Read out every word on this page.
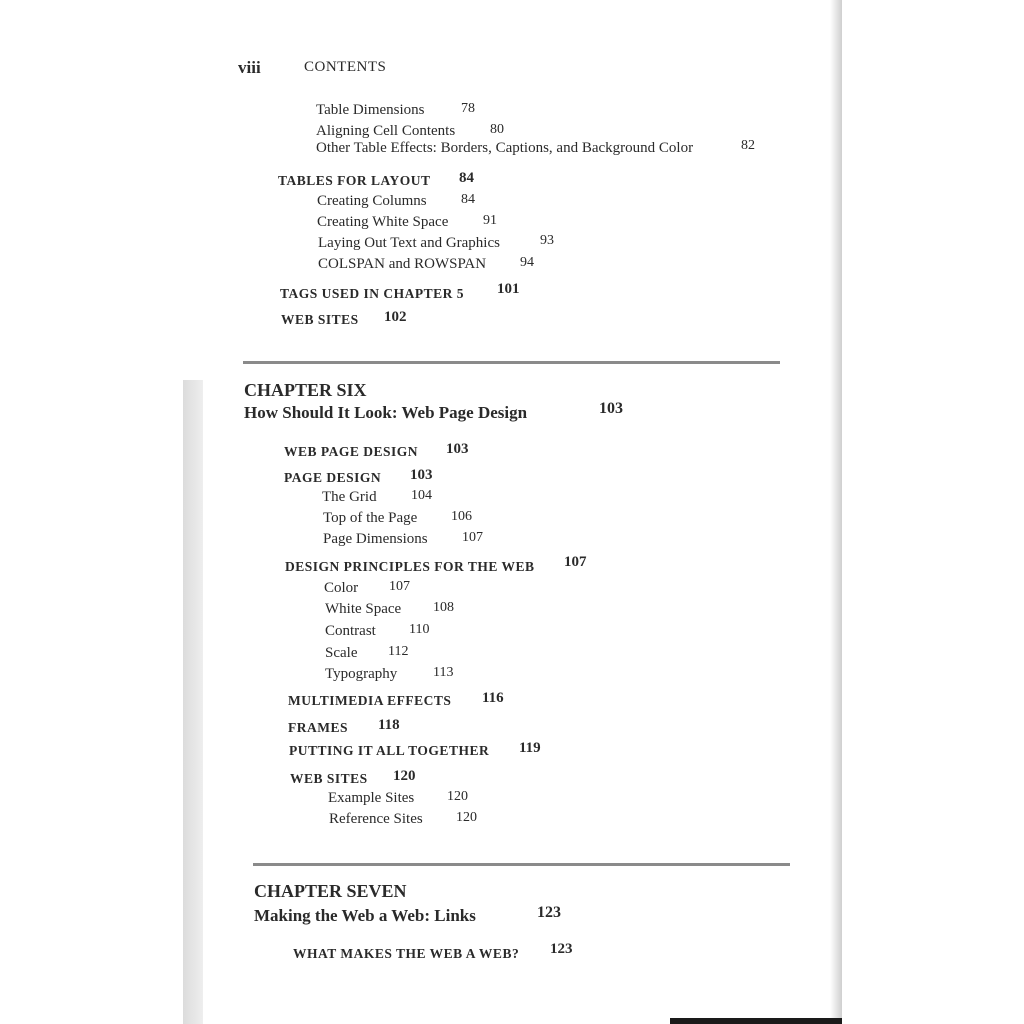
viii	CONTENTS
Table Dimensions	78
Aligning Cell Contents 80
Other Table Effects: Borders, Captions, and Background Color	82
TABLES FOR LAYOUT 84
Creating Columns 84
Creating White Space 91
Laying Out Text and Graphics	93
COLSPAN and ROWSPAN 94
TAGS USED IN CHAPTER 5 101
WEB SITES 102
CHAPTER SIX
How Should It Look: Web Page Design	103
WEB PAGE DESIGN 103
PAGE DESIGN 103
The Grid 104
Top of the Page 106
Page Dimensions 107
DESIGN PRINCIPLES FOR THE WEB 107
Color 107
White Space 108
Contrast 110
Scale 112
Typography	113
MULTIMEDIA EFFECTS 116
FRAMES 118
PUTTING IT ALL TOGETHER 119
WEB SITES 120
Example Sites 120
Reference Sites 120
CHAPTER SEVEN
Making the Web a Web: Links	123
WHAT MAKES THE WEB A WEB? 123
